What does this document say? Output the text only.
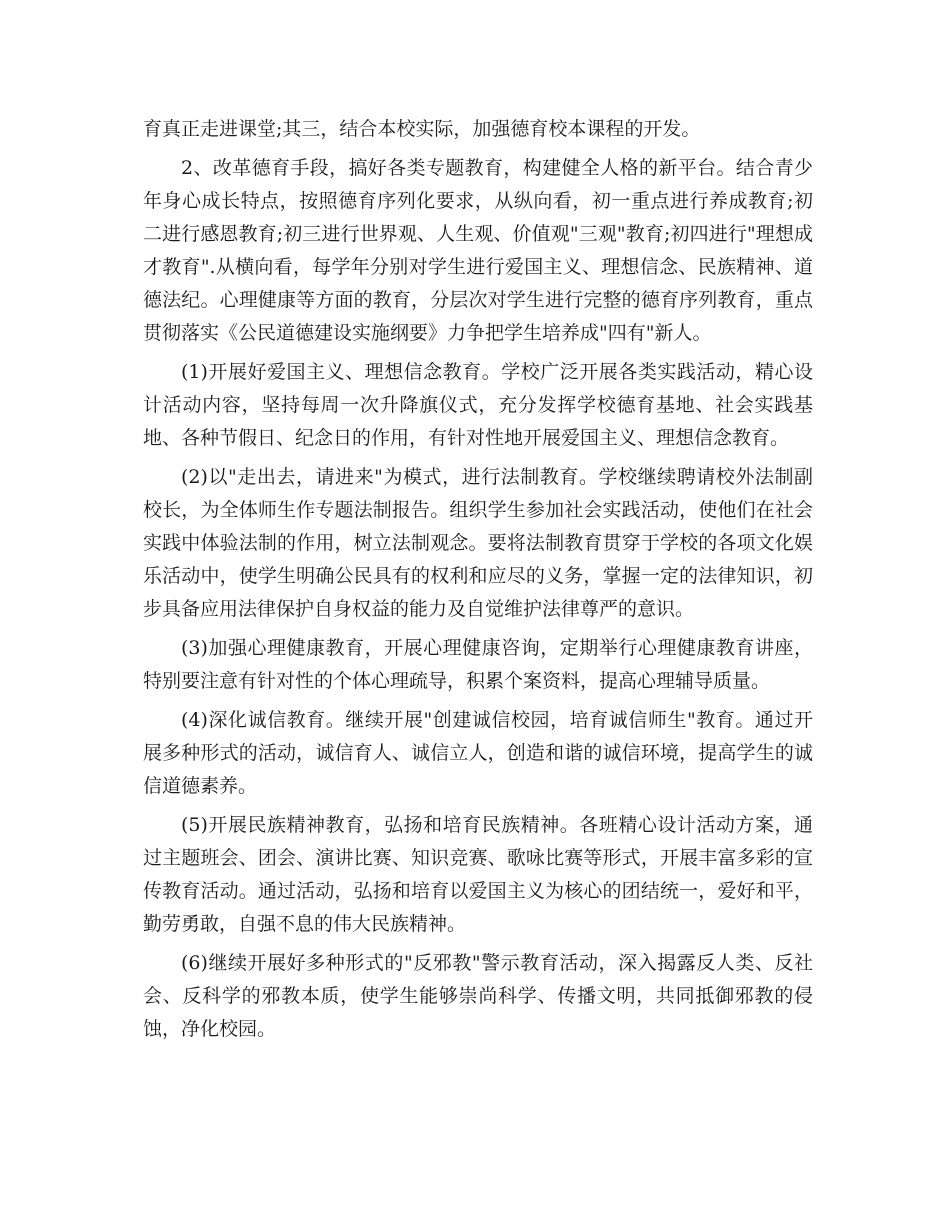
育真正走进课堂;其三，结合本校实际，加强德育校本课程的开发。

2、改革德育手段，搞好各类专题教育，构建健全人格的新平台。结合青少年身心成长特点，按照德育序列化要求，从纵向看，初一重点进行养成教育;初二进行感恩教育;初三进行世界观、人生观、价值观"三观"教育;初四进行"理想成才教育".从横向看，每学年分别对学生进行爱国主义、理想信念、民族精神、道德法纪。心理健康等方面的教育，分层次对学生进行完整的德育序列教育，重点贯彻落实《公民道德建设实施纲要》力争把学生培养成"四有"新人。

(1)开展好爱国主义、理想信念教育。学校广泛开展各类实践活动，精心设计活动内容，坚持每周一次升降旗仪式，充分发挥学校德育基地、社会实践基地、各种节假日、纪念日的作用，有针对性地开展爱国主义、理想信念教育。

(2)以"走出去，请进来"为模式，进行法制教育。学校继续聘请校外法制副校长，为全体师生作专题法制报告。组织学生参加社会实践活动，使他们在社会实践中体验法制的作用，树立法制观念。要将法制教育贯穿于学校的各项文化娱乐活动中，使学生明确公民具有的权利和应尽的义务，掌握一定的法律知识，初步具备应用法律保护自身权益的能力及自觉维护法律尊严的意识。

(3)加强心理健康教育，开展心理健康咨询，定期举行心理健康教育讲座，特别要注意有针对性的个体心理疏导，积累个案资料，提高心理辅导质量。

(4)深化诚信教育。继续开展"创建诚信校园，培育诚信师生"教育。通过开展多种形式的活动，诚信育人、诚信立人，创造和谐的诚信环境，提高学生的诚信道德素养。

(5)开展民族精神教育，弘扬和培育民族精神。各班精心设计活动方案，通过主题班会、团会、演讲比赛、知识竞赛、歌咏比赛等形式，开展丰富多彩的宣传教育活动。通过活动，弘扬和培育以爱国主义为核心的团结统一，爱好和平，勤劳勇敢，自强不息的伟大民族精神。

(6)继续开展好多种形式的"反邪教"警示教育活动，深入揭露反人类、反社会、反科学的邪教本质，使学生能够崇尚科学、传播文明，共同抵御邪教的侵蚀，净化校园。
